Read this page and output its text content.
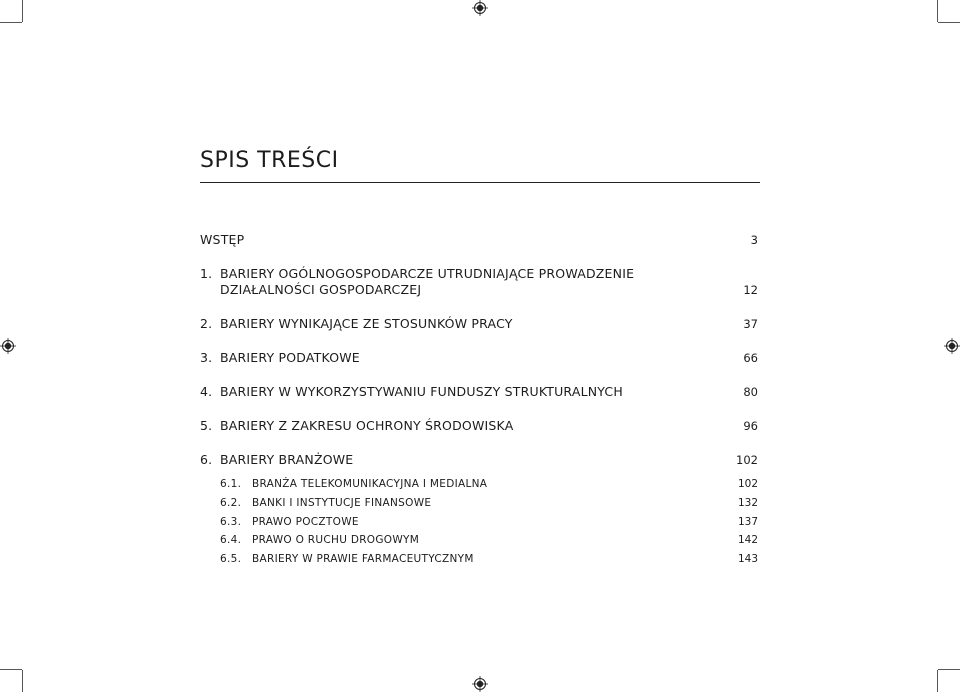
SPIS TREŚCI
WSTĘP	3
1. BARIERY OGÓLNOGOSPODARCZE UTRUDNIAJĄCE PROWADZENIE
DZIAŁALNOŚCI GOSPODARCZEJ	12
2. BARIERY WYNIKAJĄCE ZE STOSUNKÓW PRACY	37
3. BARIERY PODATKOWE	66
4. BARIERY W WYKORZYSTYWANIU FUNDUSZY STRUKTURALNYCH	80
5. BARIERY Z ZAKRESU OCHRONY ŚRODOWISKA	96
6. BARIERY BRANŻOWE	102
6.1. BRANŻA TELEKOMUNIKACYJNA I MEDIALNA	102
6.2. BANKI I INSTYTUCJE FINANSOWE	132
6.3. PRAWO POCZTOWE	137
6.4. PRAWO O RUCHU DROGOWYM	142
6.5. BARIERY W PRAWIE FARMACEUTYCZNYM	143
